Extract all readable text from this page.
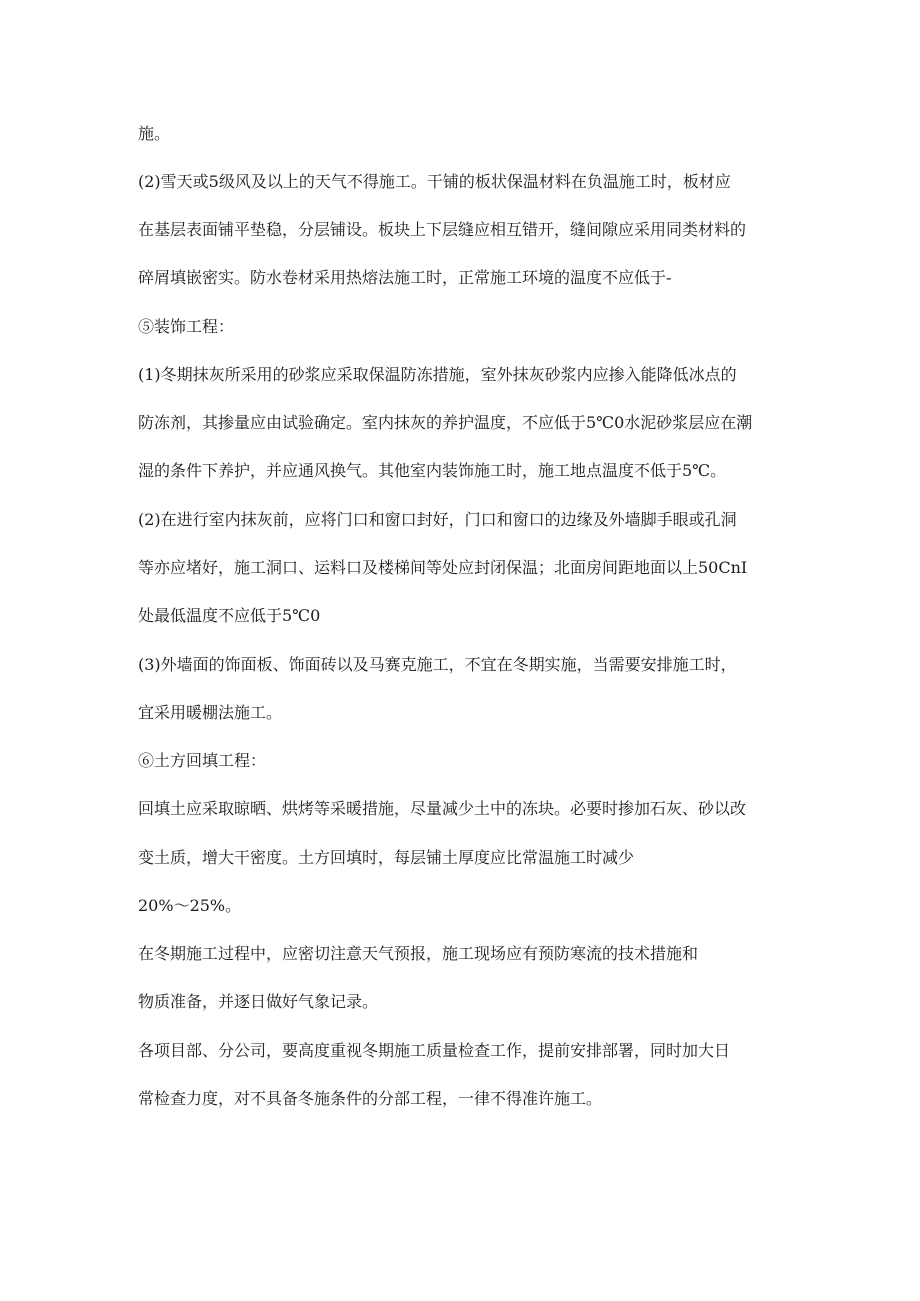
施。
(2)雪天或5级风及以上的天气不得施工。干铺的板状保温材料在负温施工时，板材应
在基层表面铺平垫稳，分层铺设。板块上下层缝应相互错开，缝间隙应采用同类材料的
碎屑填嵌密实。防水卷材采用热熔法施工时，正常施工环境的温度不应低于-
⑤装饰工程：
(1)冬期抹灰所采用的砂浆应采取保温防冻措施，室外抹灰砂浆内应掺入能降低冰点的
防冻剂，其掺量应由试验确定。室内抹灰的养护温度，不应低于5℃0水泥砂浆层应在潮
湿的条件下养护，并应通风换气。其他室内装饰施工时，施工地点温度不低于5℃。
(2)在进行室内抹灰前，应将门口和窗口封好，门口和窗口的边缘及外墙脚手眼或孔洞
等亦应堵好，施工洞口、运料口及楼梯间等处应封闭保温；北面房间距地面以上50CnI
处最低温度不应低于5℃0
(3)外墙面的饰面板、饰面砖以及马赛克施工，不宜在冬期实施，当需要安排施工时，
宜采用暖棚法施工。
⑥土方回填工程：
回填土应采取晾晒、烘烤等采暖措施，尽量减少土中的冻块。必要时掺加石灰、砂以改
变土质，增大干密度。土方回填时，每层铺土厚度应比常温施工时减少
20%～25%。
在冬期施工过程中，应密切注意天气预报，施工现场应有预防寒流的技术措施和
物质准备，并逐日做好气象记录。
各项目部、分公司，要高度重视冬期施工质量检查工作，提前安排部署，同时加大日
常检查力度，对不具备冬施条件的分部工程，一律不得准许施工。
